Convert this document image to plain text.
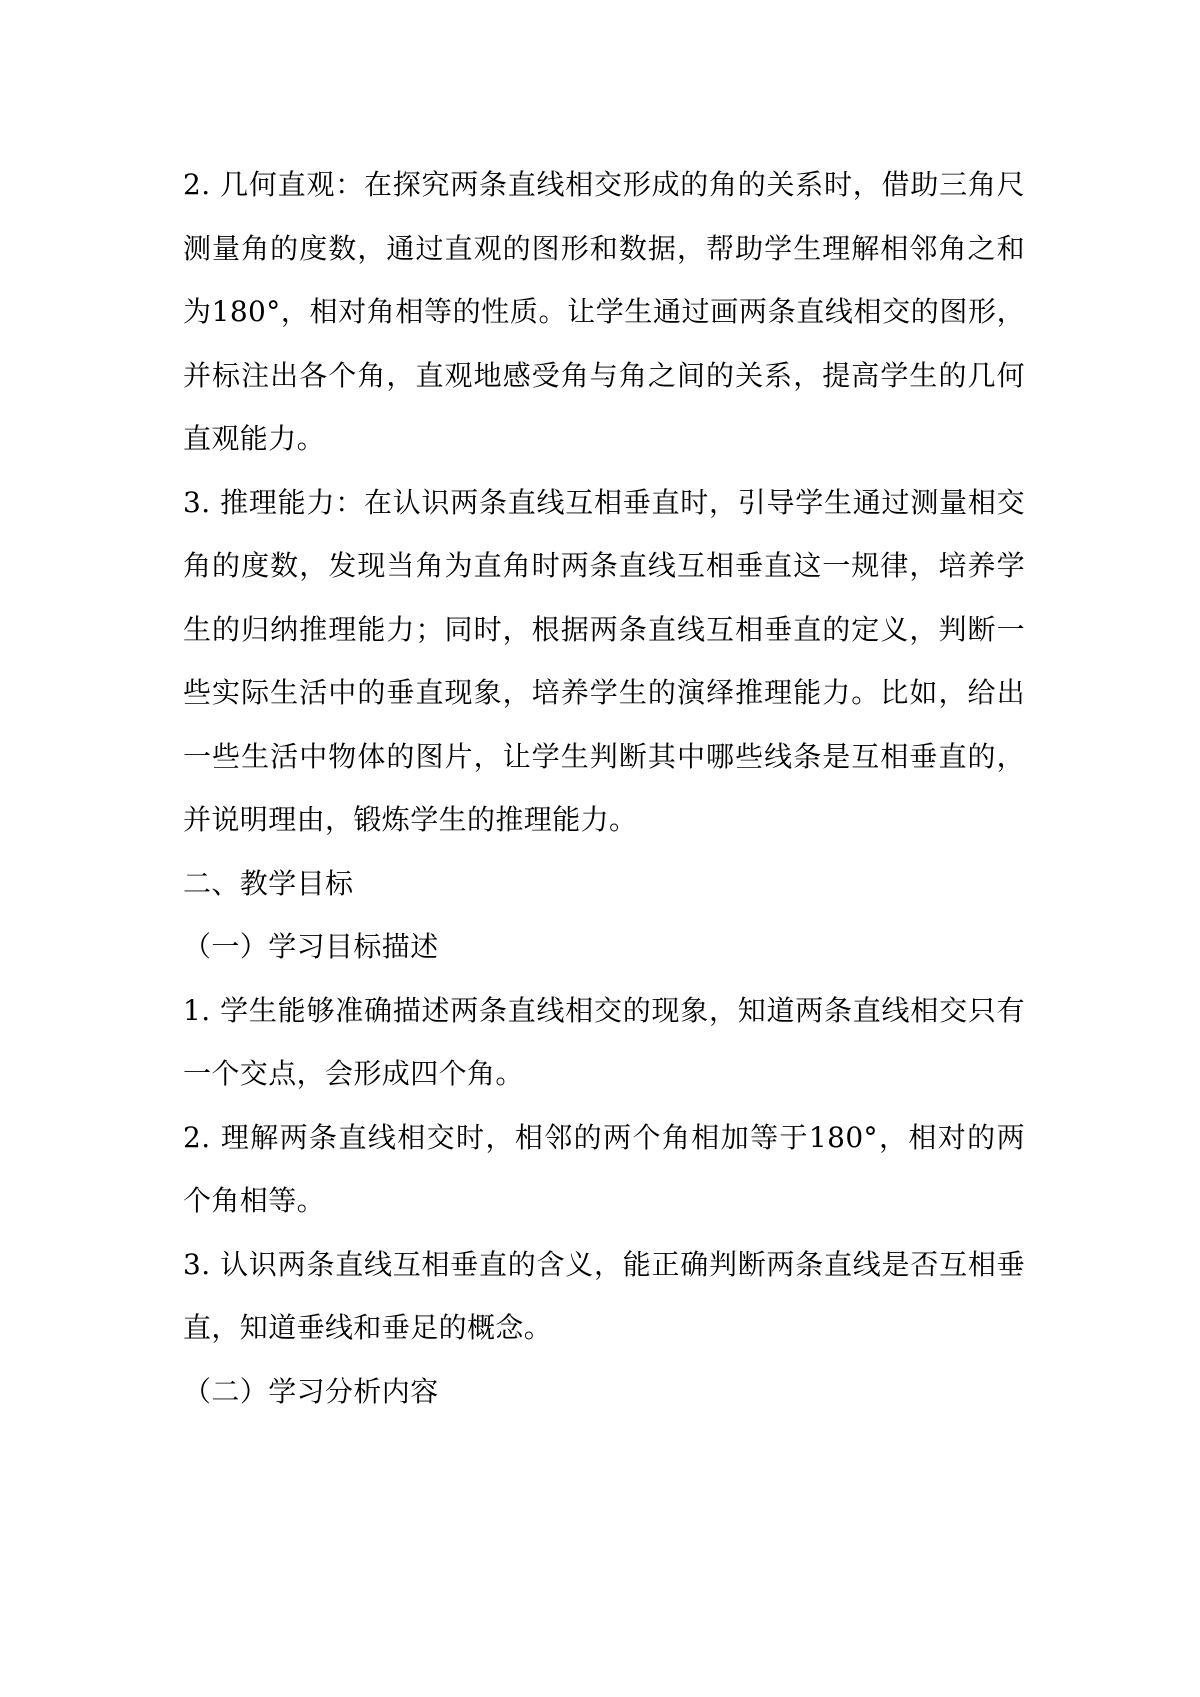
2. 几何直观：在探究两条直线相交形成的角的关系时，借助三角尺测量角的度数，通过直观的图形和数据，帮助学生理解相邻角之和为180°，相对角相等的性质。让学生通过画两条直线相交的图形，并标注出各个角，直观地感受角与角之间的关系，提高学生的几何直观能力。

3. 推理能力：在认识两条直线互相垂直时，引导学生通过测量相交角的度数，发现当角为直角时两条直线互相垂直这一规律，培养学生的归纳推理能力；同时，根据两条直线互相垂直的定义，判断一些实际生活中的垂直现象，培养学生的演绎推理能力。比如，给出一些生活中物体的图片，让学生判断其中哪些线条是互相垂直的，并说明理由，锻炼学生的推理能力。

二、教学目标

（一）学习目标描述

1. 学生能够准确描述两条直线相交的现象，知道两条直线相交只有一个交点，会形成四个角。

2. 理解两条直线相交时，相邻的两个角相加等于180°，相对的两个角相等。

3. 认识两条直线互相垂直的含义，能正确判断两条直线是否互相垂直，知道垂线和垂足的概念。

（二）学习分析内容
